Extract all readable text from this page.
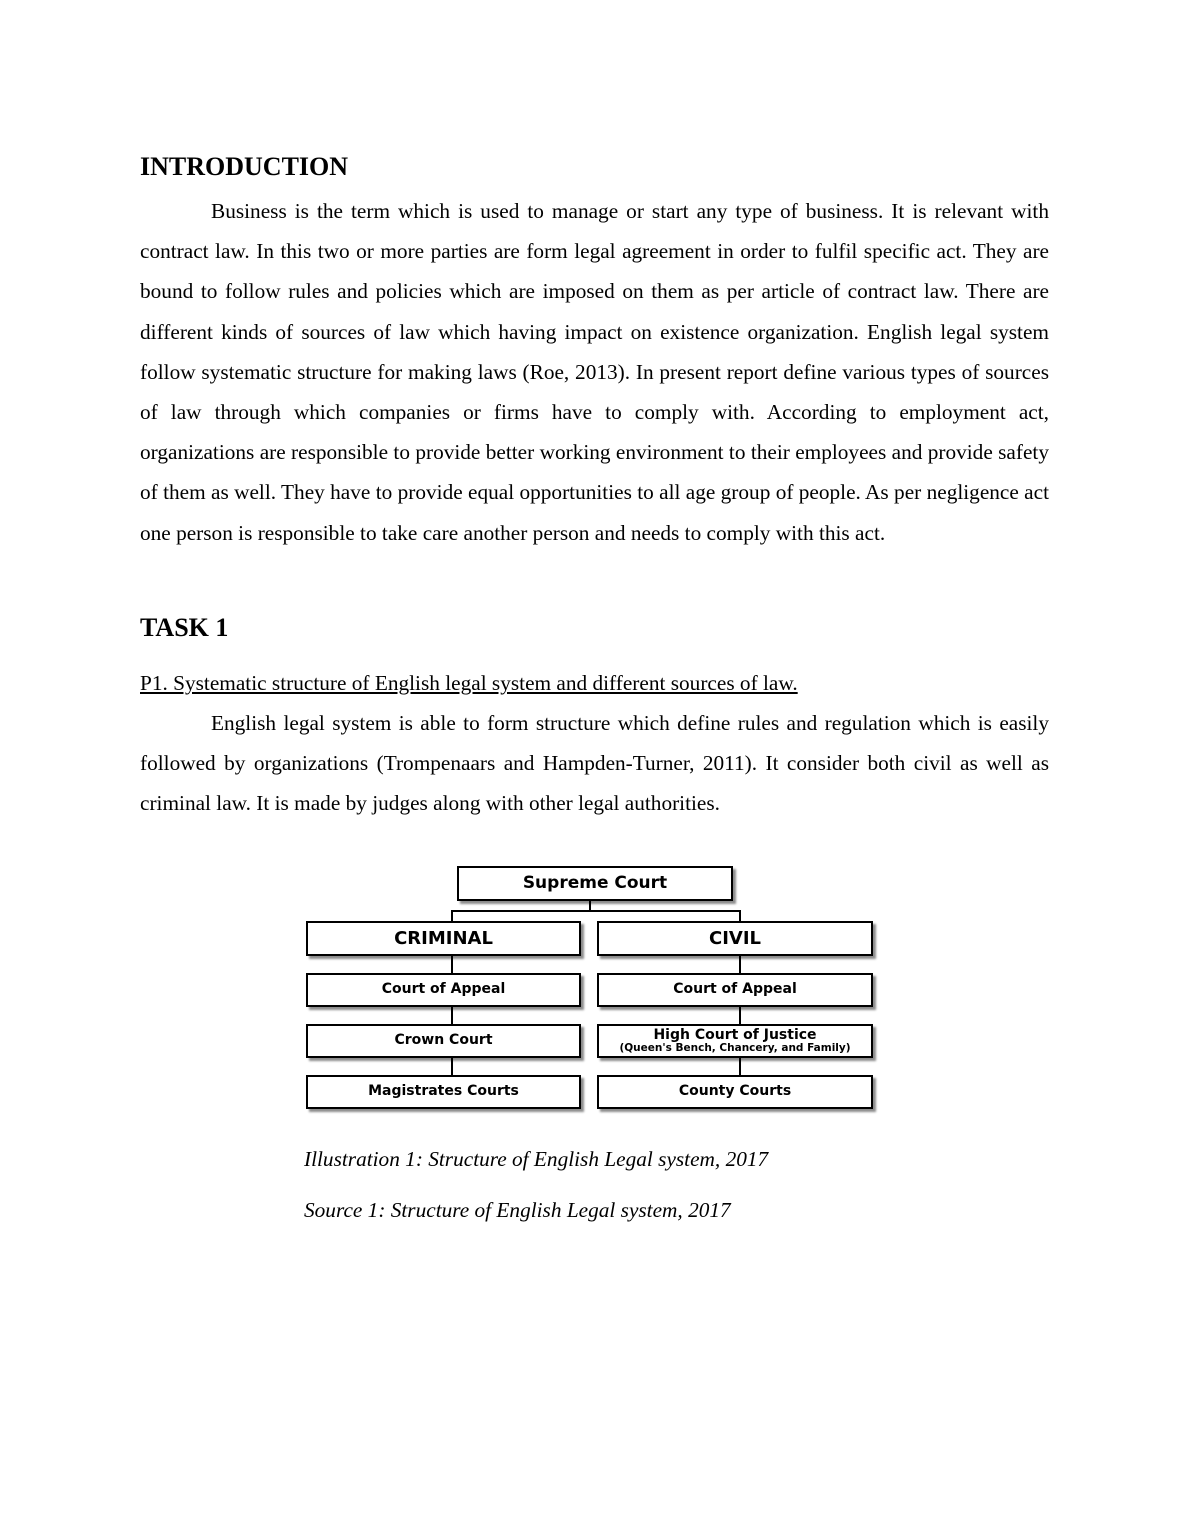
INTRODUCTION

Business is the term which is used to manage or start any type of business. It is relevant with contract law. In this two or more parties are form legal agreement in order to fulfil specific act. They are bound to follow rules and policies which are imposed on them as per article of contract law. There are different kinds of sources of law which having impact on existence organization. English legal system follow systematic structure for making laws (Roe, 2013). In present report define various types of sources of law through which companies or firms have to comply with. According to employment act, organizations are responsible to provide better working environment to their employees and provide safety of them as well. They have to provide equal opportunities to all age group of people. As per negligence act one person is responsible to take care another person and needs to comply with this act.

TASK 1

P1. Systematic structure of English legal system and different sources of law.

English legal system is able to form structure which define rules and regulation which is easily followed by organizations (Trompenaars and Hampden-Turner, 2011). It consider both civil as well as criminal law. It is made by judges along with other legal authorities.

Supreme Court
CRIMINAL	CIVIL
Court of Appeal	Court of Appeal
Crown Court	High Court of Justice
(Queen's Bench, Chancery, and Family)
Magistrates Courts	County Courts

Illustration 1: Structure of English Legal system, 2017

Source 1: Structure of English Legal system, 2017
